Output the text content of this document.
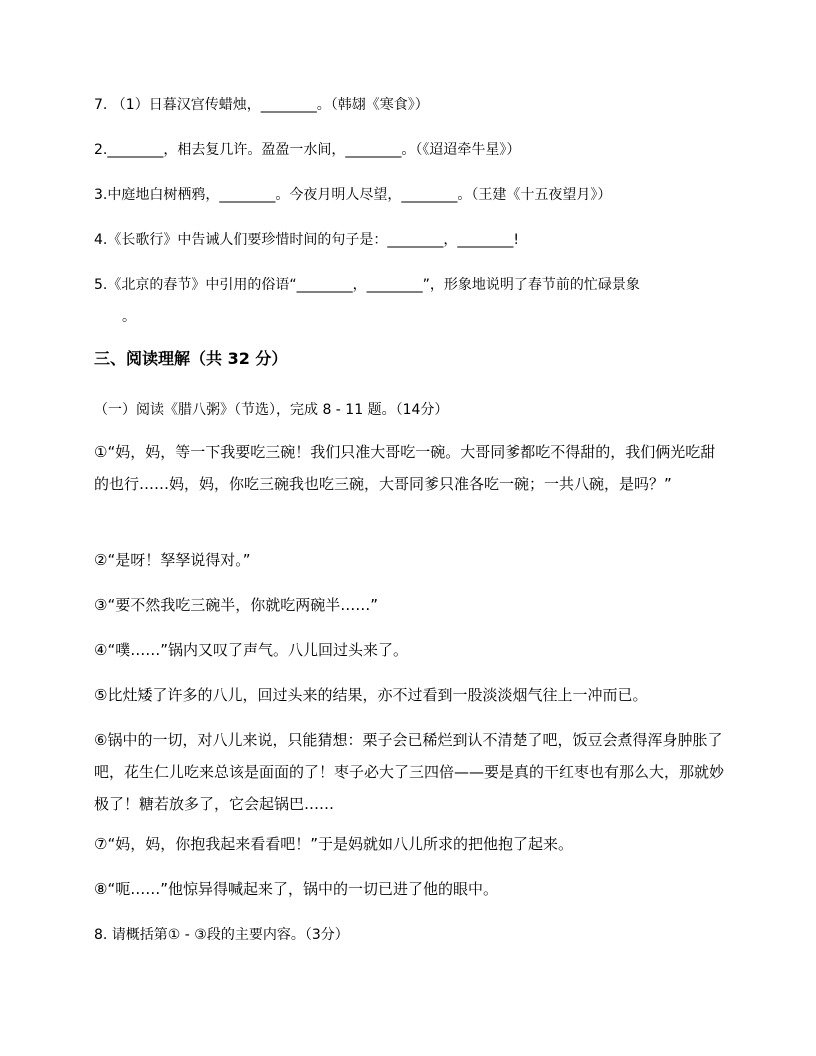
7. （1）日暮汉宫传蜡烛，________。（韩翃《寒食》）
2.________，相去复几许。盈盈一水间，________。（《迢迢牵牛星》）
3.中庭地白树栖鸦，________。今夜月明人尽望，________。（王建《十五夜望月》）
4.《长歌行》中告诫人们要珍惜时间的句子是：________，________!
5.《北京的春节》中引用的俗语“________，________”，形象地说明了春节前的忙碌景象
。
三、阅读理解（共 32 分）
（一）阅读《腊八粥》（节选），完成 8 - 11 题。（14分）
①“妈，妈，等一下我要吃三碗！我们只准大哥吃一碗。大哥同爹都吃不得甜的，我们俩光吃甜的也行……妈，妈，你吃三碗我也吃三碗，大哥同爹只准各吃一碗；一共八碗，是吗？”
②“是呀！孥孥说得对。”
③“要不然我吃三碗半，你就吃两碗半……”
④“噗……”锅内又叹了声气。八儿回过头来了。
⑤比灶矮了许多的八儿，回过头来的结果，亦不过看到一股淡淡烟气往上一冲而已。
⑥锅中的一切，对八儿来说，只能猜想：栗子会已稀烂到认不清楚了吧，饭豆会煮得浑身肿胀了吧，花生仁儿吃来总该是面面的了！枣子必大了三四倍——要是真的干红枣也有那么大，那就妙极了！糖若放多了，它会起锅巴……
⑦“妈，妈，你抱我起来看看吧！”于是妈就如八儿所求的把他抱了起来。
⑧“呃……”他惊异得喊起来了，锅中的一切已进了他的眼中。
8. 请概括第① - ③段的主要内容。（3分）
